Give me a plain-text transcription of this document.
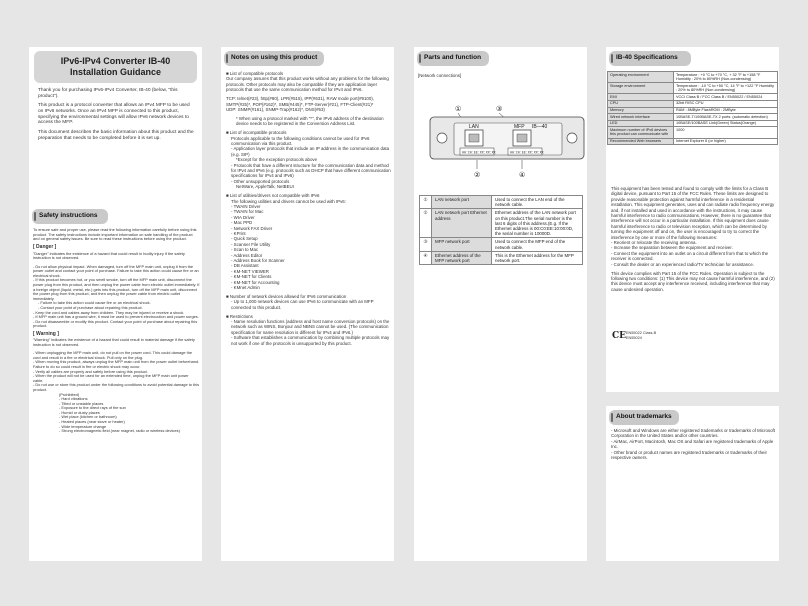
IPv6-IPv4 Converter IB-40
Installation Guidance

Thank you for purchasing IPv6-IPv4 Converter, IB-40 (below, "this product").

This product is a protocol converter that allows an IPv4 MFP to be used on IPv6 networks. Once an IPv4 MFP is connected to this product, specifying the environmental settings will allow IPv6 network devices to access the MFP.

This document describes the basic information about this product and the preparation that needs to be completed before it is set up.

Safety instructions

To ensure safe and proper use, please read the following information carefully before using this product. The safety instructions include important information on safe handling of the product and on general safety issues. Be sure to read these instructions before using the product.

[ Danger ]

"Danger" indicates the existence of a hazard that could result in bodily injury if the safety instruction is not observed.

- Do not allow physical impact. When damaged, turn off the MFP main unit, unplug it from the power outlet and contact your point of purchase. Failure to take this action could cause fire or an electrical shock.
- If this product becomes hot, or you smell smoke, turn off the MFP main unit, disconnect the power plug from this product, and then unplug the power cable from electric outlet immediately. If a foreign object (liquid, metal, etc.) gets into this product, turn off the MFP main unit, disconnect the power plug from this product, and then unplug the power cable from electric outlet immediately.
- Failure to take this action could cause fire or an electrical shock.
- Contact your point of purchase about repairing this product.
- Keep the cord and cables away from children. They may be injured or receive a shock.
- If MFP main unit has a ground wire, it must be used to prevent electrocution and power surges.
- Do not disassemble or modify this product. Contact your point of purchase about repairing this product.
[ Warning ]

"Warning" indicates the existence of a hazard that could result in material damage if the safety instruction is not observed.

- When unplugging the MFP main unit, do not pull on the power cord. This could damage the cord and result in a fire or electrical shock. Pull only on the plug.
- When moving this product, always unplug the MFP main unit from the power outlet beforehand. Failure to do so could result in fire or electric shock may occur.
- Verify all cables are properly and safely before using this product.
- When the product will not be used for an extended time, unplug the MFP main unit power cable.
- Do not use or store this product under the following conditions to avoid potential damage to this product.
(Prohibited)
- Hard vibrations
- Tilted or unstable places
- Exposure to the direct rays of the sun
- Humid or dusty places
- Wet place (kitchen or bathroom)
- Heated places (near stove or heater)
- Wide temperature change
- Strong electromagnetic field (near magnet, radio or wireless devices)
Notes on using this product
■ List of compatible protocols

Our company assures that this product works without any problems for the following protocols. Other protocols may also be compatible if they are application layer protocols that use the same communication method for IPv4 and IPv6.

TCP: telnet(#23), http(#80), LPR(#515), IPP(#631), RAW mode port(#9100), SMTP(#25)*, POP(#162)*, SMB(#445)*, FTP-Server(#21), FTP-Client(#21)*

UDP: SNMP(#161), SNMP-Trap(#162)*, DNS(#53)

* When using a protocol marked with "*", the IPv6 address of the destination device needs to be registered in the Conversion Address List.

■ List of incompatible protocols
Protocols applicable to the following conditions cannot be used for IPv6 communication via this product.
- Application layer protocols that include an IP address in the communication data (e.g. SIP)
*Except for the exception protocols above
- Protocols that have a different structure for the communication data and method for IPv4 and IPv6 (e.g. protocols such as DHCP that have different communication specifications for IPv4 and IPv6)
- Other unsupported protocols

NetWare, AppleTalk, NetBEUI

■ List of utilities/drivers not compatible with IPv6
The following utilities and drivers cannot be used with IPv6:
- TWAIN Driver
- TWAIN for Mac
- WIA Driver
- Mac PPD
- Network FAX Driver
- KPrint
- Quick Setup
- Scanner File Utility
- Scan to Mac
- Address Editor
- Address Book for Scanner
- DB Assistant
- KM-NET VIEWER
- KM-NET for Clients
- KM-NET for Accounting

- KMnet Admin

■ Number of network devices allowed for IPv6 communication

- Up to 1,000 network devices can use IPv6 to communicate with an MFP connected to this product.

■ Restrictions
- Name resolution functions (address and host name conversion protocols) on the network such as WINS, Bonjour and NBNS cannot be used. (The communication specification for name resolution is different for IPv4 and IPv6.)
- Software that establishes a communication by combining multiple protocols may not work if one of the protocols is unsupported by this product.
Parts and function
[Network connections]
①	③
②	④
LAN	MFP IB—40
00:C0:EE:XX:XX:XX	00:C0:EE:XX:XX:XX
①	LAN network port	Used to connect the LAN end of the network cable.
②	LAN network port Ethernet address	Ethernet address of the LAN network port on this product.The serial number is the last 6 digits of this address.(E.g. If the Ethernet address is 00:C0:EE:10:00:0D, the serial number is 10000D.
③	MFP network port	Used to connect the MFP end of the network cable.
④	Ethernet address of the MFP network port	This is the Ethernet address for the MFP network port.
IB-40 Specifications
Operating environment	Temperature : +0 °C to +70 °C, + 32 °F to +158 °F Humidity : 20% to 80%RH (Non-condensing)
Storage environment	Temperature : -10 °C to +50 °C, 14 °F to +122 °F Humidity : 20% to 80%RH (Non-condensing)
EMI	VCCI Class B / FCC Class B / EN55022 / EN55024
CPU	32bit RISC CPU
Memory	RAM : 8MByte FlashROM : 2MByte
Wired network interface	10BASE-T/100BASE-TX 2 ports. (automatic detection)
LED	10BASE/100BASE Link(Green) Status(Orange)
Maximum number of IPv6 devices this product can communicate with	1000
Recommended Web browsers	Internet Explorer 6 (or higher)
This equipment has been tested and found to comply with the limits for a Class B digital device, pursuant to Part 15 of the FCC Rules. These limits are designed to provide reasonable protection against harmful interference in a residential installation. This equipment generates, uses and can radiate radio frequency energy and, if not installed and used in accordance with the instructions, it may cause harmful interference to radio communications. However, there is no guarantee that interference will not occur in a particular installation. If this equipment does cause harmful interference to radio or television reception, which can be determined by turning the equipment off and on, the user is encouraged to try to correct the interference by one or more of the following measures:
- Reorient or relocate the receiving antenna.
- Increase the separation between the equipment and receiver.
- Connect the equipment into an outlet on a circuit different from that to which the receiver is connected.

- Consult the dealer or an experienced radio/TV technician for assistance.

This device complies with Part 15 of the FCC Rules. Operation is subject to the following two conditions: (1) This device may not cause harmful interference, and (2) this device must accept any interference received, including interference that may cause undesired operation.

CE EN55022 Class-B
EN55024
About trademarks
- Microsoft and Windows are either registered trademarks or trademarks of Microsoft Corporation in the United States and/or other countries.
- AirMac, AirPort, Macintosh, Mac OS and Safari are registered trademarks of Apple Inc.
- Other brand or product names are registered trademarks or trademarks of their respective owners.
